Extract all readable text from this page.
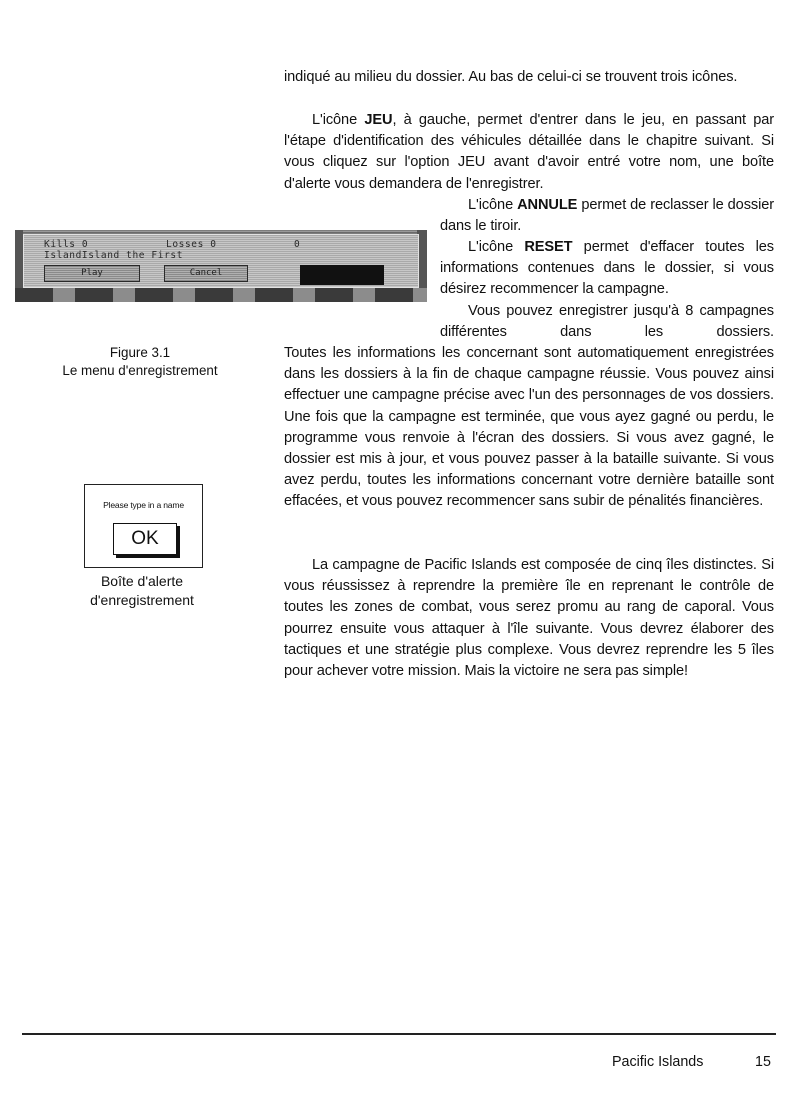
indiqué au milieu du dossier. Au bas de celui-ci se trouvent trois icônes.

L'icône JEU, à gauche, permet d'entrer dans le jeu, en passant par l'étape d'identification des véhicules détaillée dans le chapitre suivant. Si vous cliquez sur l'option JEU avant d'avoir entré votre nom, une boîte d'alerte vous demandera de l'enregistrer.

L'icône ANNULE permet de reclasser le dossier dans le tiroir.

L'icône RESET permet d'effacer toutes les informations contenues dans le dossier, si vous désirez recommencer la campagne.

Vous pouvez enregistrer jusqu'à 8 campagnes différentes dans les dossiers.

Toutes les informations les concernant sont automatiquement enregistrées dans les dossiers à la fin de chaque campagne réussie. Vous pouvez ainsi effectuer une campagne précise avec l'un des personnages de vos dossiers. Une fois que la campagne est terminée, que vous ayez gagné ou perdu, le programme vous renvoie à l'écran des dossiers. Si vous avez gagné, le dossier est mis à jour, et vous pouvez passer à la bataille suivante. Si vous avez perdu, toutes les informations concernant votre dernière bataille sont effacées, et vous pouvez recommencer sans subir de pénalités financières.

La campagne de Pacific Islands est composée de cinq îles distinctes. Si vous réussissez à reprendre la première île en reprenant le contrôle de toutes les zones de combat, vous serez promu au rang de caporal. Vous pourrez ensuite vous attaquer à l'île suivante. Vous devrez élaborer des tactiques et une stratégie plus complexe. Vous devrez reprendre les 5 îles pour achever votre mission. Mais la victoire ne sera pas simple!

Kills 0	Losses 0	0
IslandIsland the First
Play	Cancel

Figure 3.1

Le menu d'enregistrement

Please type in a name
OK

Boîte d'alerte

d'enregistrement

Pacific Islands	15
